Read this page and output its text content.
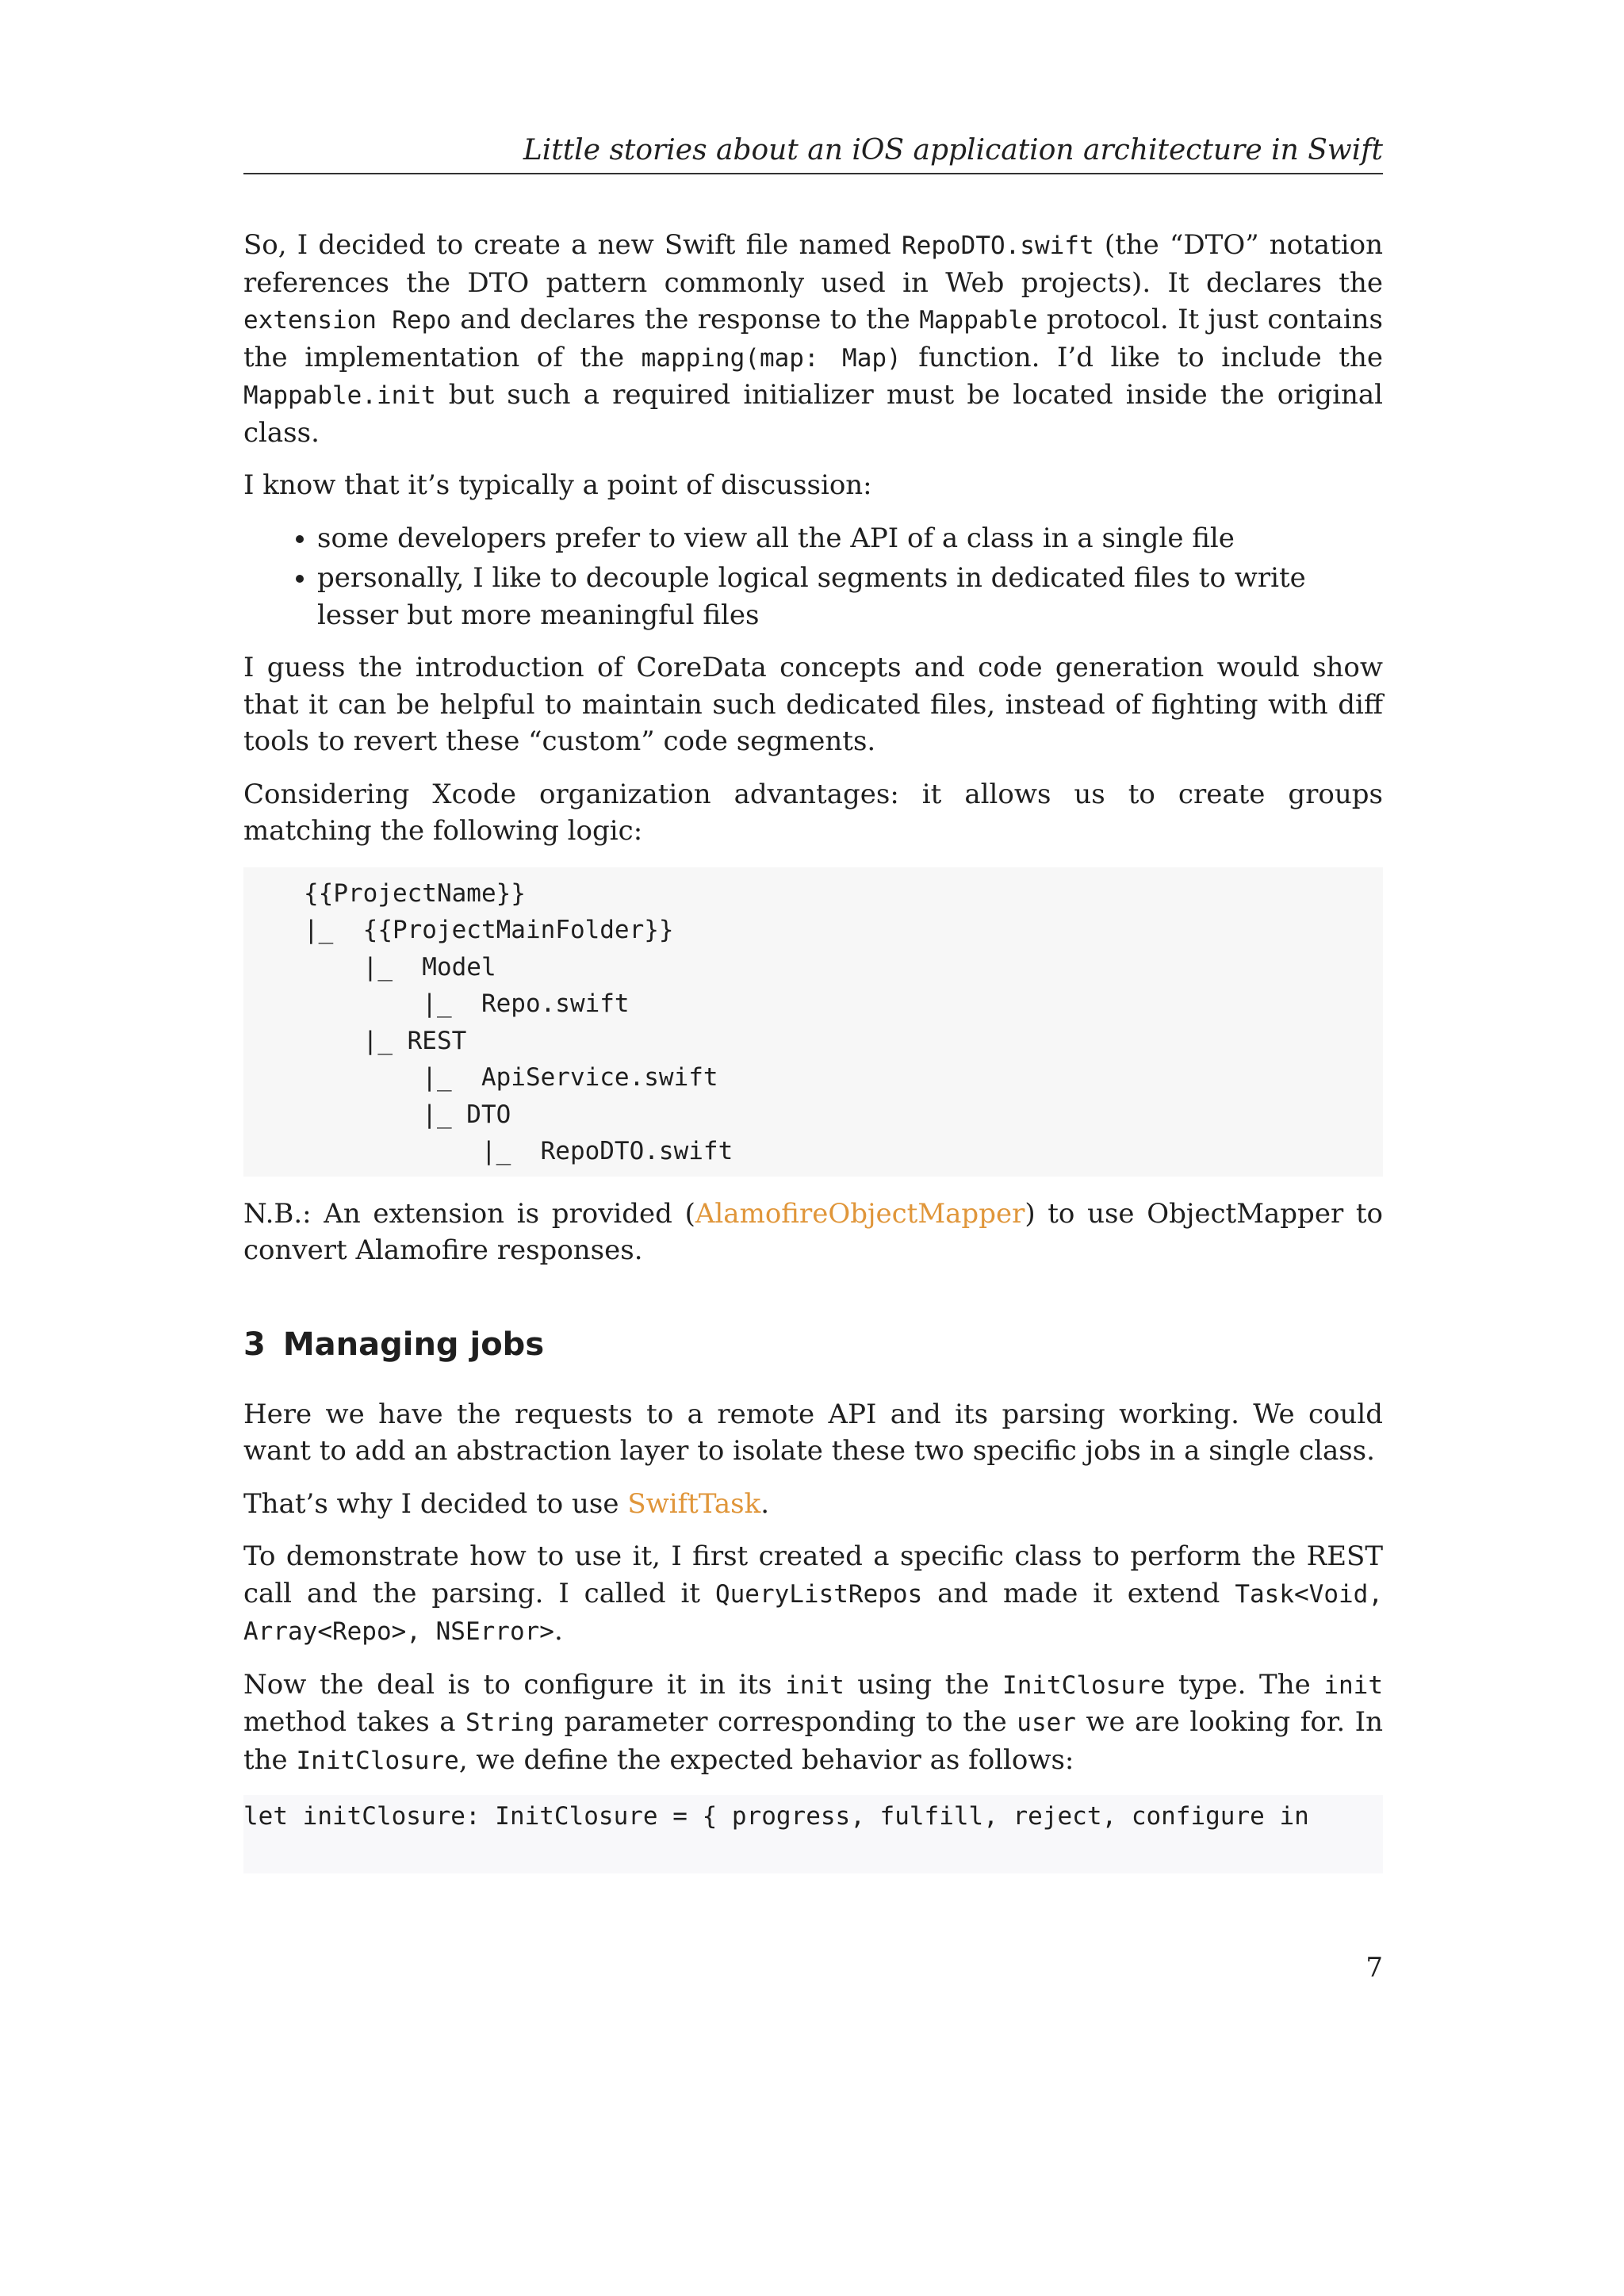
Little stories about an iOS application architecture in Swift

So, I decided to create a new Swift file named RepoDTO.swift (the “DTO” notation references the DTO pattern commonly used in Web projects). It declares the extension Repo and declares the response to the Mappable protocol. It just contains the implementation of the mapping(map: Map) function. I’d like to include the Mappable.init but such a required initializer must be located inside the original class.

I know that it’s typically a point of discussion:

• some developers prefer to view all the API of a class in a single file
• personally, I like to decouple logical segments in dedicated files to write lesser but more meaningful files

I guess the introduction of CoreData concepts and code generation would show that it can be helpful to maintain such dedicated files, instead of fighting with diff tools to revert these “custom” code segments.

Considering Xcode organization advantages: it allows us to create groups matching the following logic:

{{ProjectName}}
|_  {{ProjectMainFolder}}
|_  Model
|_  Repo.swift
|_ REST
|_  ApiService.swift
|_ DTO
|_  RepoDTO.swift

N.B.: An extension is provided (AlamofireObjectMapper) to use ObjectMapper to convert Alamofire responses.

3 Managing jobs

Here we have the requests to a remote API and its parsing working. We could want to add an abstraction layer to isolate these two specific jobs in a single class.

That’s why I decided to use SwiftTask.

To demonstrate how to use it, I first created a specific class to perform the REST call and the parsing. I called it QueryListRepos and made it extend Task<Void, Array<Repo>, NSError>.

Now the deal is to configure it in its init using the InitClosure type. The init method takes a String parameter corresponding to the user we are looking for. In the InitClosure, we define the expected behavior as follows:

let initClosure: InitClosure = { progress, fulfill, reject, configure in
7
